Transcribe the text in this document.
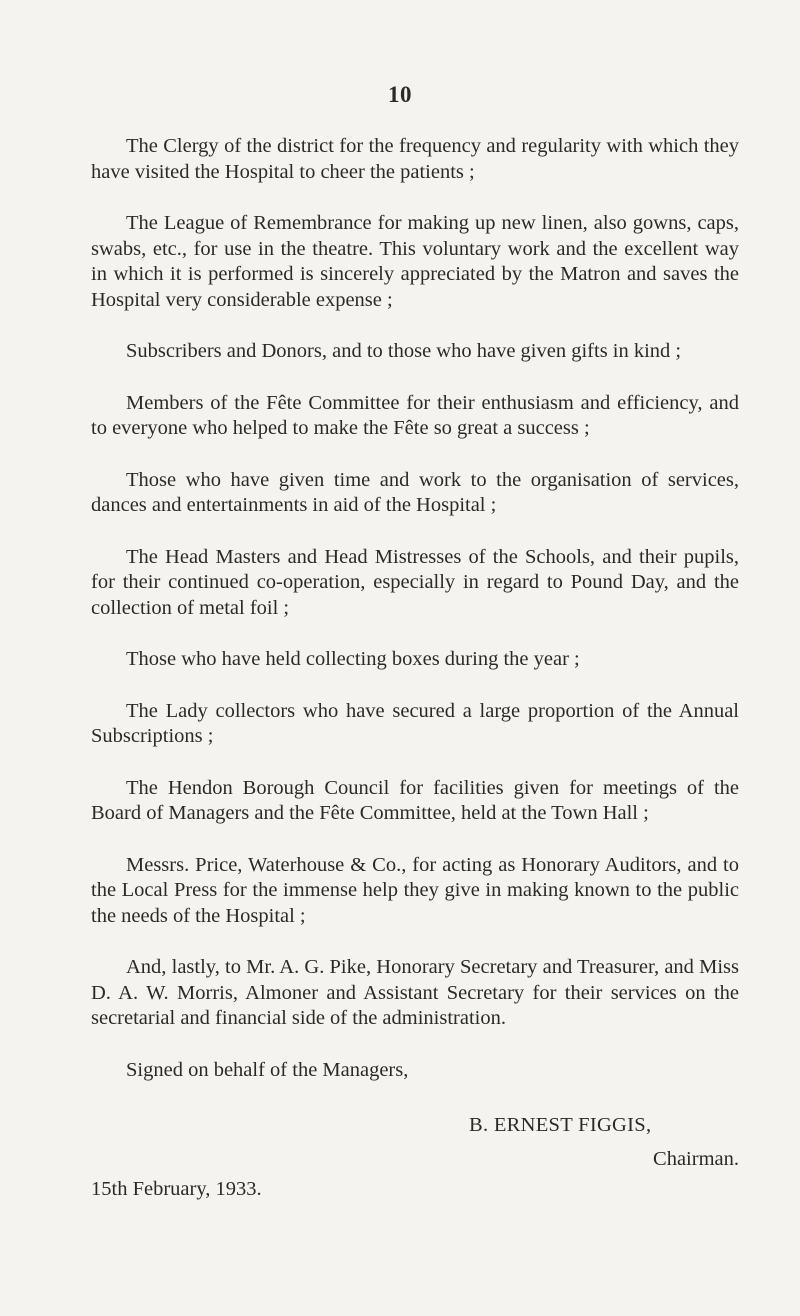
10

The Clergy of the district for the frequency and regularity with which they have visited the Hospital to cheer the patients ;

The League of Remembrance for making up new linen, also gowns, caps, swabs, etc., for use in the theatre. This voluntary work and the excellent way in which it is performed is sincerely appreciated by the Matron and saves the Hospital very considerable expense ;

Subscribers and Donors, and to those who have given gifts in kind ;

Members of the Fête Committee for their enthusiasm and efficiency, and to everyone who helped to make the Fête so great a success ;

Those who have given time and work to the organisation of services, dances and entertainments in aid of the Hospital ;

The Head Masters and Head Mistresses of the Schools, and their pupils, for their continued co-operation, especially in regard to Pound Day, and the collection of metal foil ;

Those who have held collecting boxes during the year ;

The Lady collectors who have secured a large proportion of the Annual Subscriptions ;

The Hendon Borough Council for facilities given for meetings of the Board of Managers and the Fête Committee, held at the Town Hall ;

Messrs. Price, Waterhouse & Co., for acting as Honorary Auditors, and to the Local Press for the immense help they give in making known to the public the needs of the Hospital ;

And, lastly, to Mr. A. G. Pike, Honorary Secretary and Treasurer, and Miss D. A. W. Morris, Almoner and Assistant Secretary for their services on the secretarial and financial side of the administration.

Signed on behalf of the Managers,

B. ERNEST FIGGIS,

Chairman.
15th February, 1933.
